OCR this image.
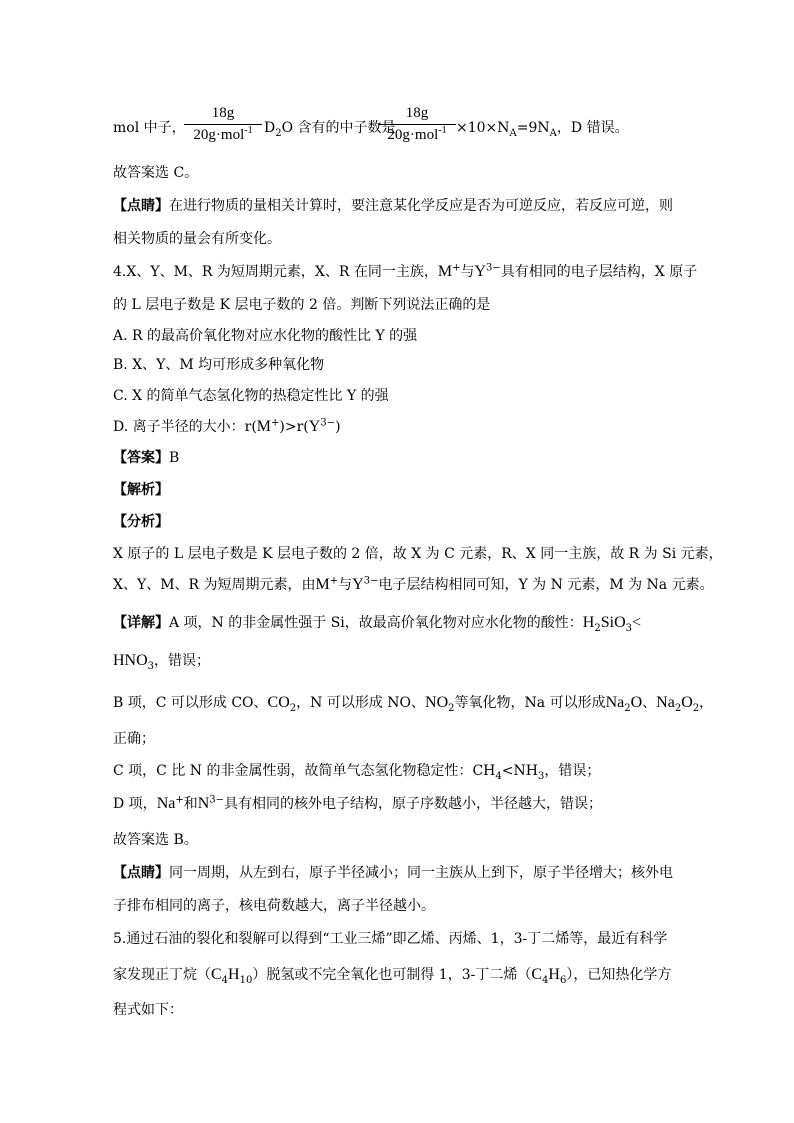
mol 中子，
18g
20g·mol$^{-1}$ $D_2O$ 含有的中子数是
18g
$20g\cdot mol^{-1} \times 10\times N_A=9N_A$，D 错误。
故答案选 C。
【点睛】在进行物质的量相关计算时，要注意某化学反应是否为可逆反应，若反应可逆，则
相关物质的量会有所变化。
4.X、Y、M、R 为短周期元素，X、R 在同一主族，M+与$Y^{3-}$具有相同的电子层结构，X 原子
的 L 层电子数是 K 层电子数的 2 倍。判断下列说法正确的是
A. R 的最高价氧化物对应水化物的酸性比 Y 的强
B. X、Y、M 均可形成多种氧化物
C. X 的简单气态氢化物的热稳定性比 Y 的强
D. 离子半径的大小：$r(M^+)>r(Y^{3-})$
【答案】B
【解析】
【分析】
X 原子的 L 层电子数是 K 层电子数的 2 倍，故 X 为 C 元素，R、X 同一主族，故 R 为 Si 元素，
X、Y、M、R 为短周期元素，由M+与$Y^{3-}$电子层结构相同可知，Y 为 N 元素，M 为 Na 元素。
【详解】A 项，N 的非金属性强于 Si，故最高价氧化物对应水化物的酸性：$H_2SiO_3<$
$HNO_3$，错误；
B 项，C 可以形成 CO、$CO_2$，N 可以形成 NO、$NO_2$等氧化物，Na 可以形成$Na_2O$、$Na_2O_2$，
正确；
C 项，C 比 N 的非金属性弱，故简单气态氢化物稳定性：$CH_4<NH_3$，错误；
D 项，Na+和$N^{3-}$具有相同的核外电子结构，原子序数越小，半径越大，错误；
故答案选 B。
【点睛】同一周期，从左到右，原子半径减小；同一主族从上到下，原子半径增大；核外电
子排布相同的离子，核电荷数越大，离子半径越小。
5.通过石油的裂化和裂解可以得到“工业三烯”即乙烯、丙烯、1，3-丁二烯等，最近有科学
家发现正丁烷$(C_4H_{10})$脱氢或不完全氧化也可制得 1，3-丁二烯$(C_4H_6)$，已知热化学方
程式如下：
